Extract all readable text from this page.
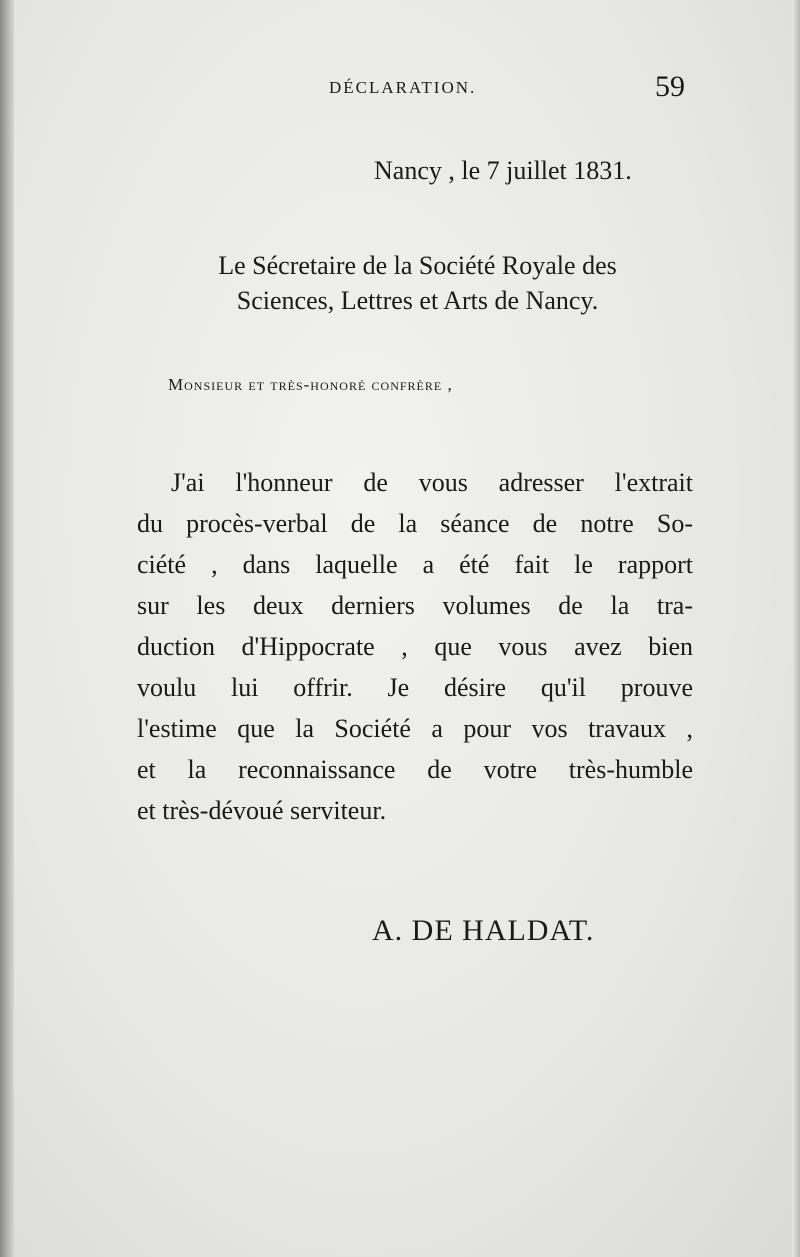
DÉCLARATION.	59
Nancy , le 7 juillet 1831.
Le Sécretaire de la Société Royale des
Sciences, Lettres et Arts de Nancy.
Monsieur et très-honoré confrère ,
J'ai l'honneur de vous adresser l'extrait
du procès-verbal de la séance de notre So-
ciété , dans laquelle a été fait le rapport
sur les deux derniers volumes de la tra-
duction d'Hippocrate , que vous avez bien
voulu lui offrir. Je désire qu'il prouve
l'estime que la Société a pour vos travaux ,
et la reconnaissance de votre très-humble
et très-dévoué serviteur.
A. DE HALDAT.
